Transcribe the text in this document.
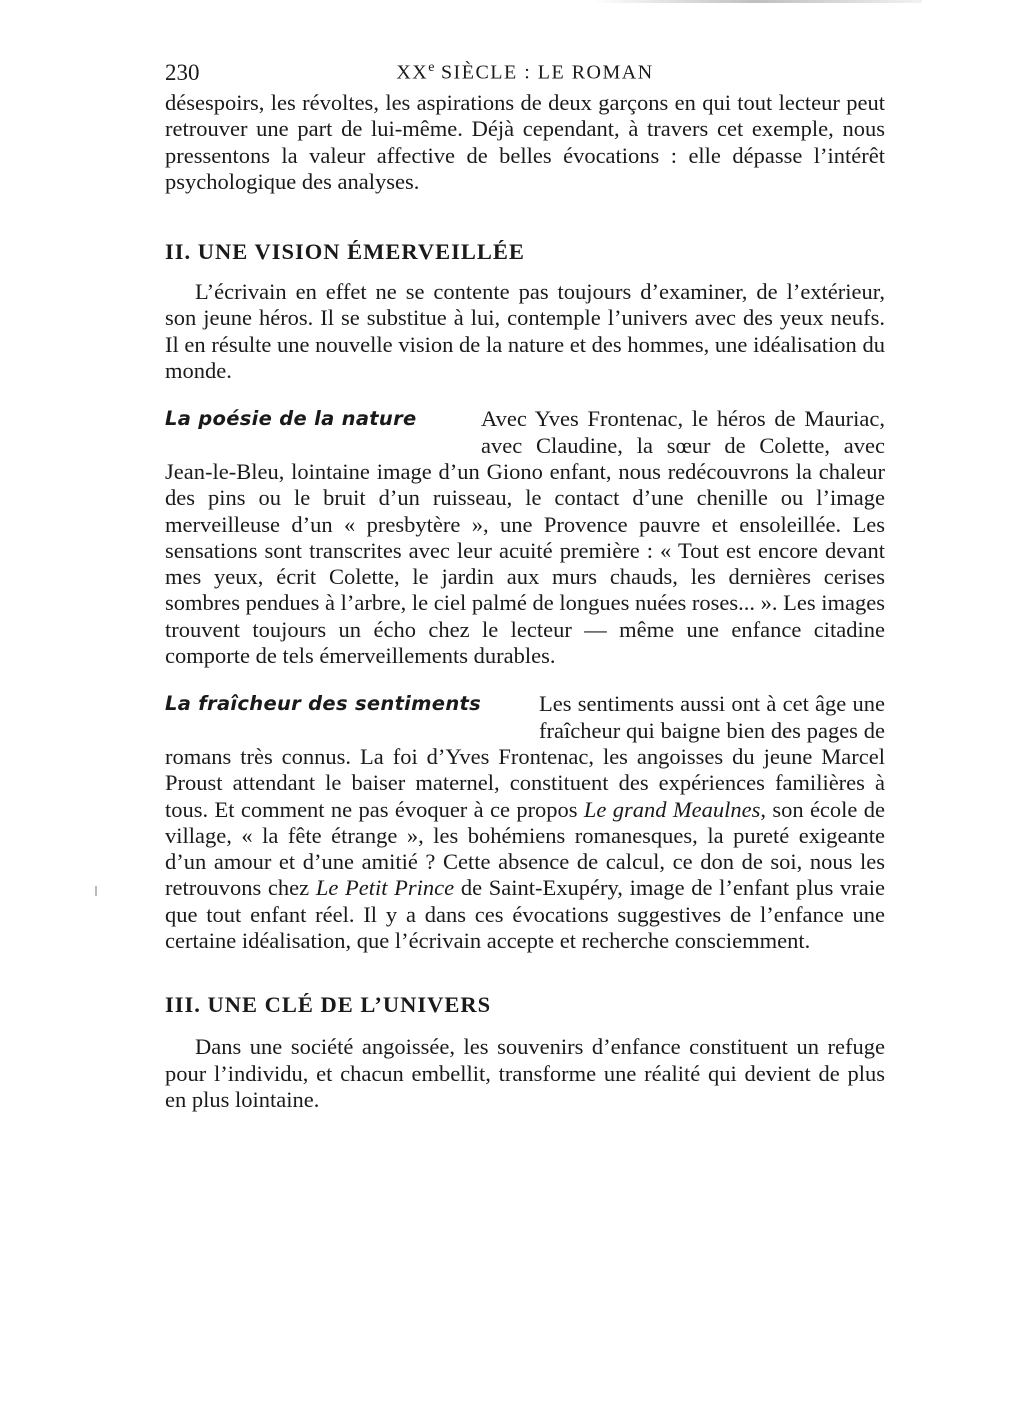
230	XXe SIÈCLE : LE ROMAN

désespoirs, les révoltes, les aspirations de deux garçons en qui tout lecteur peut retrouver une part de lui-même. Déjà cependant, à travers cet exemple, nous pressentons la valeur affective de belles évocations : elle dépasse l’intérêt psychologique des analyses.

II. UNE VISION ÉMERVEILLÉE

L’écrivain en effet ne se contente pas toujours d’examiner, de l’extérieur, son jeune héros. Il se substitue à lui, contemple l’univers avec des yeux neufs. Il en résulte une nouvelle vision de la nature et des hommes, une idéalisation du monde.

La poésie de la nature	Avec Yves Frontenac, le héros de Mauriac, avec Claudine, la sœur de Colette, avec Jean-le-Bleu, lointaine image d’un Giono enfant, nous redécouvrons la chaleur des pins ou le bruit d’un ruisseau, le contact d’une chenille ou l’image merveilleuse d’un « presbytère », une Provence pauvre et ensoleillée. Les sensations sont transcrites avec leur acuité première : « Tout est encore devant mes yeux, écrit Colette, le jardin aux murs chauds, les dernières cerises sombres pendues à l’arbre, le ciel palmé de longues nuées roses... ». Les images trouvent toujours un écho chez le lecteur — même une enfance citadine comporte de tels émerveillements durables.

La fraîcheur des sentiments	Les sentiments aussi ont à cet âge une fraîcheur qui baigne bien des pages de romans très connus. La foi d’Yves Frontenac, les angoisses du jeune Marcel Proust attendant le baiser maternel, constituent des expériences familières à tous. Et comment ne pas évoquer à ce propos Le grand Meaulnes, son école de village, « la fête étrange », les bohémiens romanesques, la pureté exigeante d’un amour et d’une amitié ? Cette absence de calcul, ce don de soi, nous les retrouvons chez Le Petit Prince de Saint-Exupéry, image de l’enfant plus vraie que tout enfant réel. Il y a dans ces évocations suggestives de l’enfance une certaine idéalisation, que l’écrivain accepte et recherche consciemment.

III. UNE CLÉ DE L’UNIVERS

Dans une société angoissée, les souvenirs d’enfance constituent un refuge pour l’individu, et chacun embellit, transforme une réalité qui devient de plus en plus lointaine.
